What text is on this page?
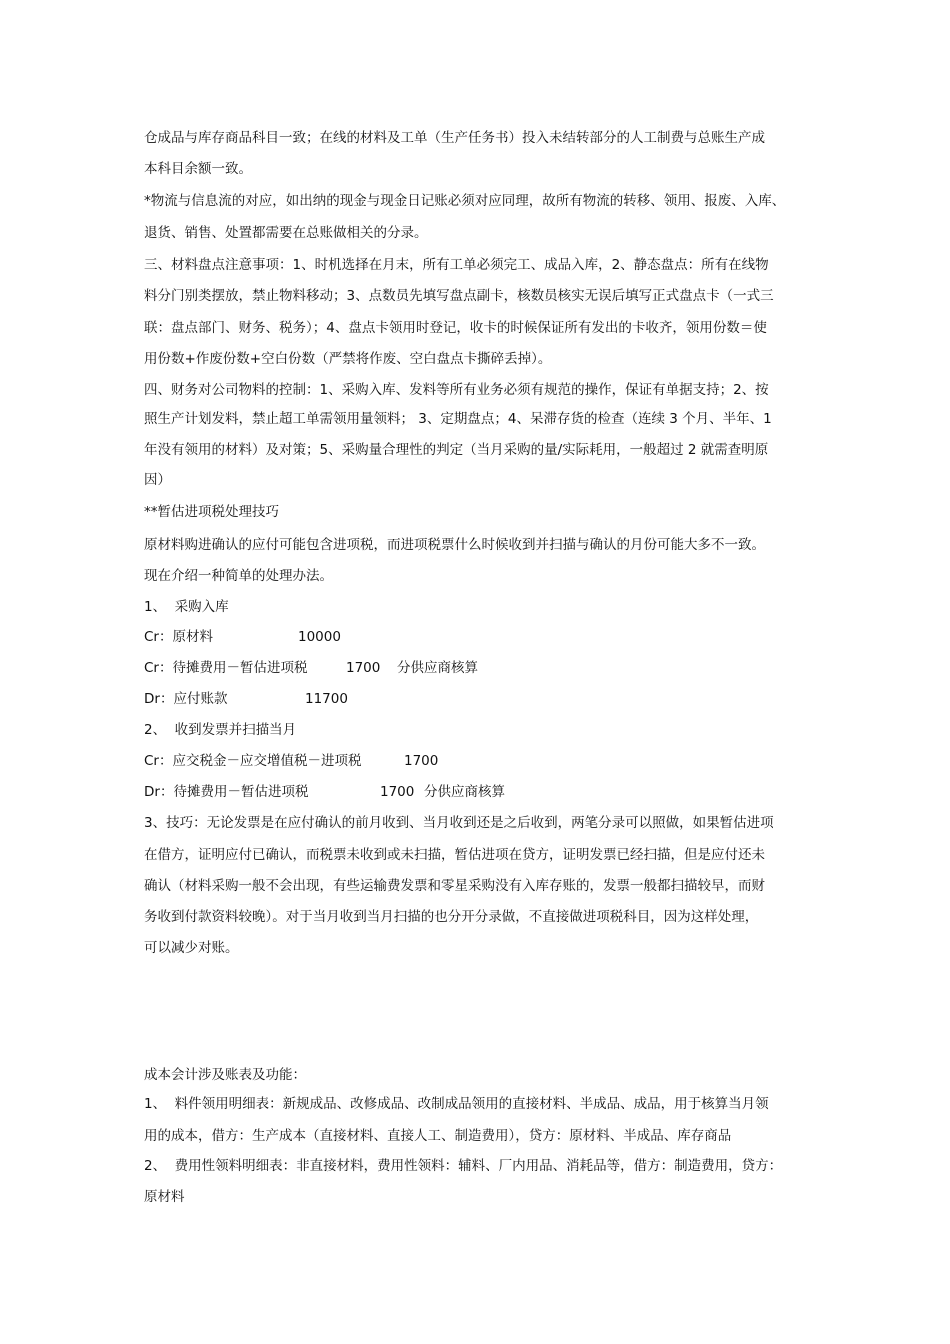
仓成品与库存商品科目一致；在线的材料及工单（生产任务书）投入未结转部分的人工制费与总账生产成
本科目余额一致。
*物流与信息流的对应，如出纳的现金与现金日记账必须对应同理，故所有物流的转移、领用、报废、入库、
退货、销售、处置都需要在总账做相关的分录。
三、材料盘点注意事项：1、时机选择在月末，所有工单必须完工、成品入库，2、静态盘点：所有在线物
料分门别类摆放，禁止物料移动；3、点数员先填写盘点副卡，核数员核实无误后填写正式盘点卡（一式三
联：盘点部门、财务、税务）；4、盘点卡领用时登记，收卡的时候保证所有发出的卡收齐，领用份数＝使
用份数+作废份数+空白份数（严禁将作废、空白盘点卡撕碎丢掉）。
四、财务对公司物料的控制：1、采购入库、发料等所有业务必须有规范的操作，保证有单据支持；2、按
照生产计划发料，禁止超工单需领用量领料； 3、定期盘点；4、呆滞存货的检查（连续 3 个月、半年、1
年没有领用的材料）及对策；5、采购量合理性的判定（当月采购的量/实际耗用，一般超过 2 就需查明原
因）
**暂估进项税处理技巧
原材料购进确认的应付可能包含进项税，而进项税票什么时候收到并扫描与确认的月份可能大多不一致。
现在介绍一种简单的处理办法。
1、  采购入库
Cr：原材料	10000
Cr：待摊费用－暂估进项税	1700 分供应商核算
Dr：应付账款	11700
2、  收到发票并扫描当月
Cr：应交税金－应交增值税－进项税	1700
Dr：待摊费用－暂估进项税	1700 分供应商核算
3、技巧：无论发票是在应付确认的前月收到、当月收到还是之后收到，两笔分录可以照做，如果暂估进项
在借方，证明应付已确认，而税票未收到或未扫描，暂估进项在贷方，证明发票已经扫描，但是应付还未
确认（材料采购一般不会出现，有些运输费发票和零星采购没有入库存账的，发票一般都扫描较早，而财
务收到付款资料较晚）。对于当月收到当月扫描的也分开分录做，不直接做进项税科目，因为这样处理，
可以减少对账。
成本会计涉及账表及功能：
1、  料件领用明细表：新规成品、改修成品、改制成品领用的直接材料、半成品、成品，用于核算当月领
用的成本，借方：生产成本（直接材料、直接人工、制造费用），贷方：原材料、半成品、库存商品
2、  费用性领料明细表：非直接材料，费用性领料：辅料、厂内用品、消耗品等，借方：制造费用，贷方：
原材料
